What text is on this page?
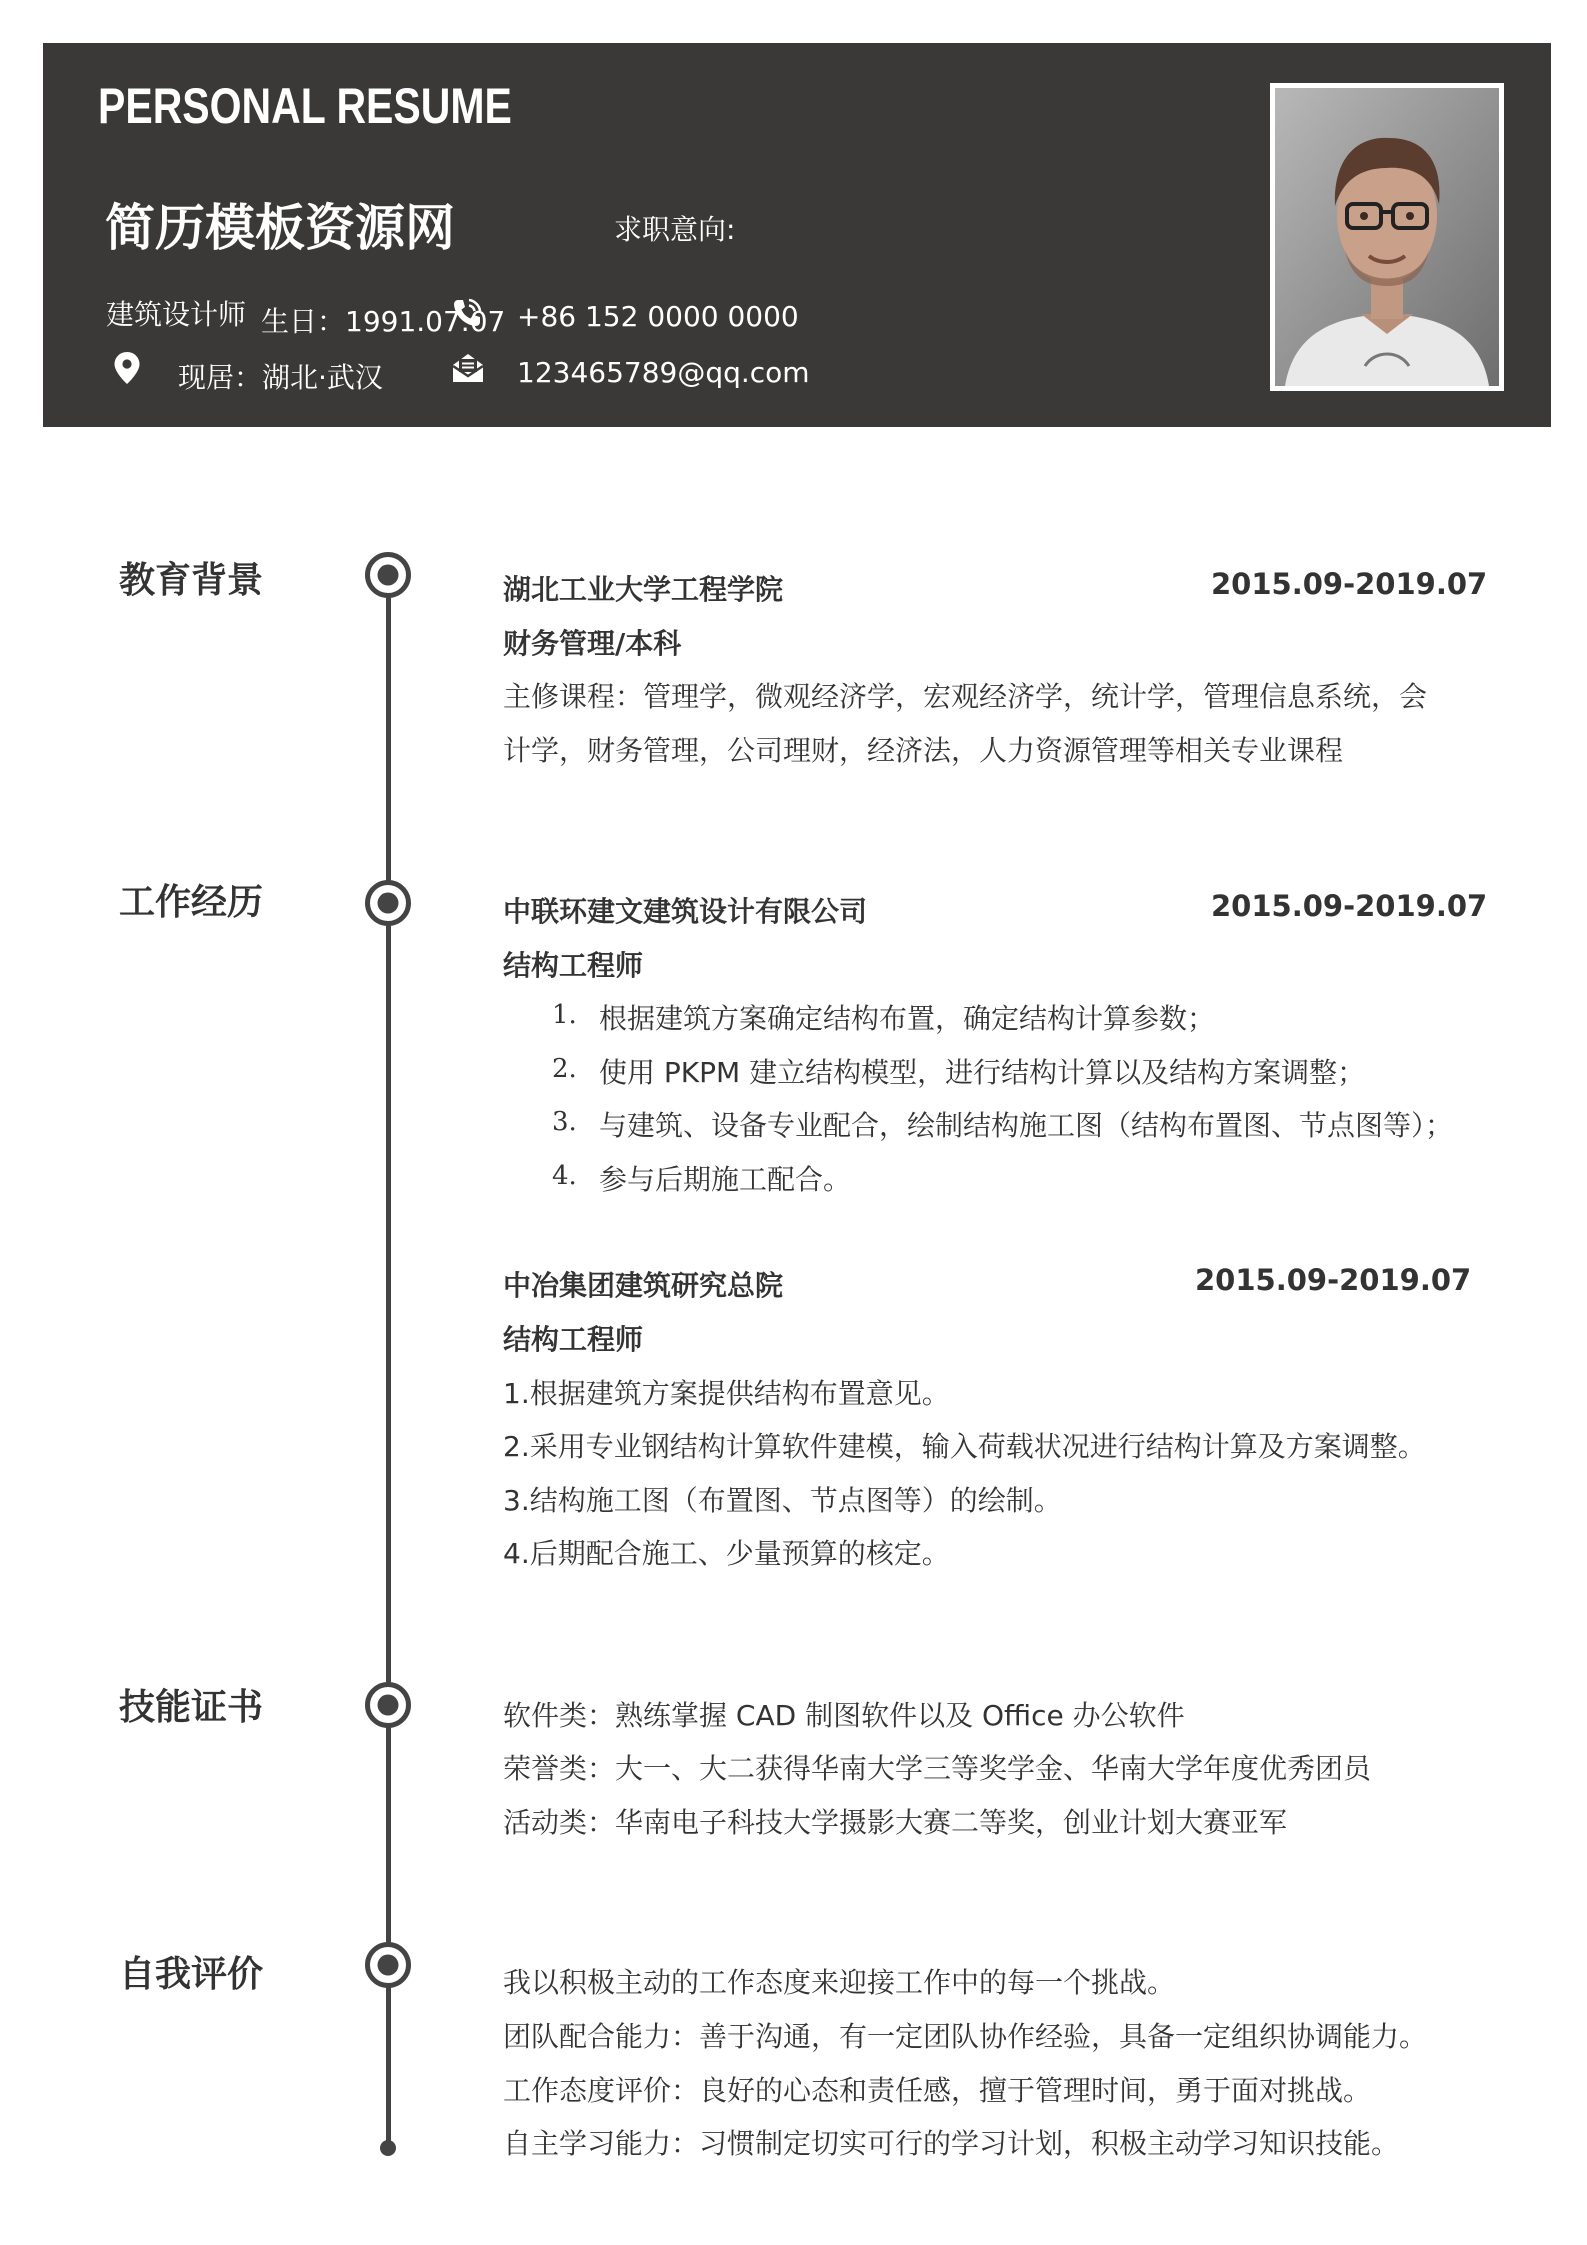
PERSONAL RESUME
简历模板资源网	求职意向:
建筑设计师 生日：1991.07.07
现居：湖北·武汉
+86 152 0000 0000
123465789@qq.com
教育背景	湖北工业大学工程学院	2015.09-2019.07
财务管理/本科
主修课程：管理学，微观经济学，宏观经济学，统计学，管理信息系统，会
计学，财务管理，公司理财，经济法，人力资源管理等相关专业课程
工作经历	中联环建文建筑设计有限公司	2015.09-2019.07
结构工程师
1. 根据建筑方案确定结构布置，确定结构计算参数；
2. 使用 PKPM 建立结构模型，进行结构计算以及结构方案调整；
3. 与建筑、设备专业配合，绘制结构施工图（结构布置图、节点图等）；
4. 参与后期施工配合。
中冶集团建筑研究总院	2015.09-2019.07
结构工程师
1.根据建筑方案提供结构布置意见。
2.采用专业钢结构计算软件建模，输入荷载状况进行结构计算及方案调整。
3.结构施工图（布置图、节点图等）的绘制。
4.后期配合施工、少量预算的核定。
技能证书	软件类：熟练掌握 CAD 制图软件以及 Office 办公软件
荣誉类：大一、大二获得华南大学三等奖学金、华南大学年度优秀团员
活动类：华南电子科技大学摄影大赛二等奖，创业计划大赛亚军
自我评价	我以积极主动的工作态度来迎接工作中的每一个挑战。
团队配合能力：善于沟通，有一定团队协作经验，具备一定组织协调能力。
工作态度评价：良好的心态和责任感，擅于管理时间，勇于面对挑战。
自主学习能力：习惯制定切实可行的学习计划，积极主动学习知识技能。
